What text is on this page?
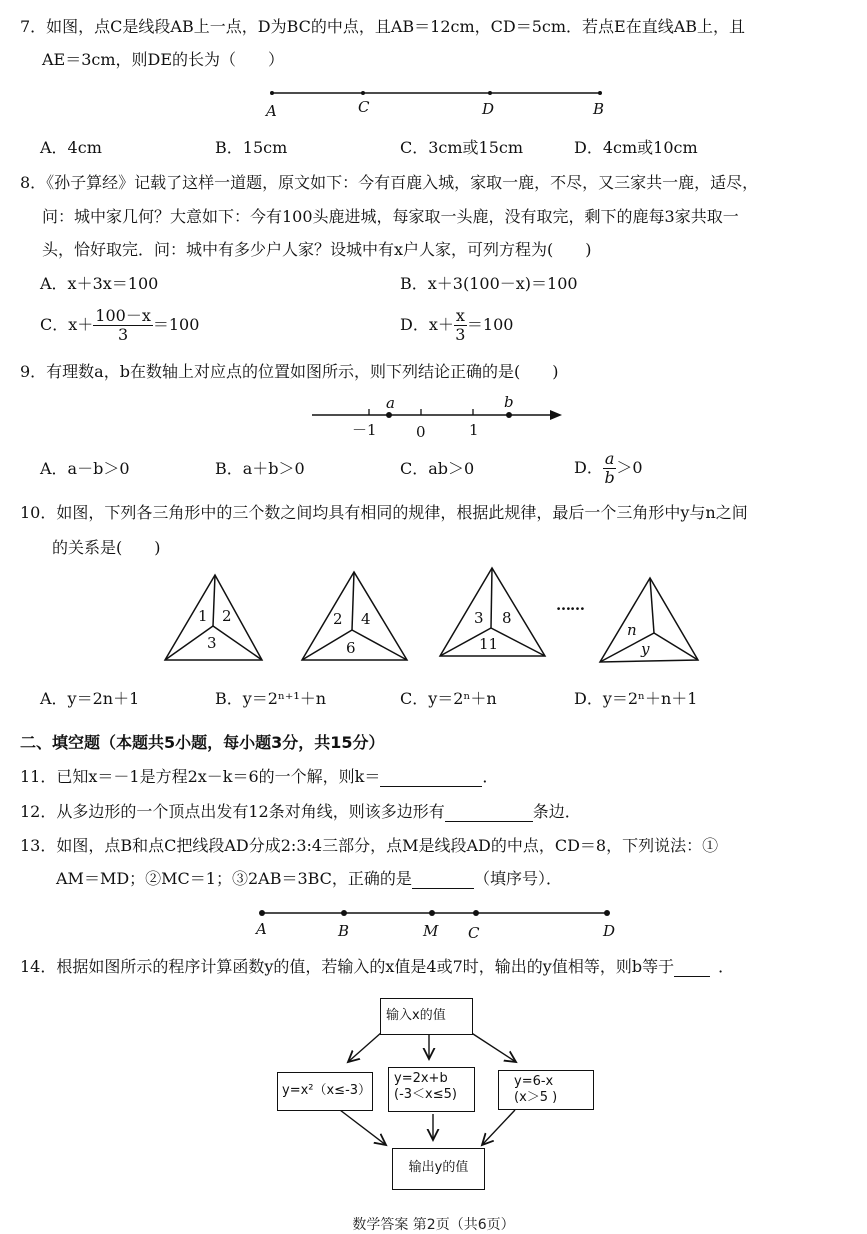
7．如图，点C是线段AB上一点，D为BC的中点，且AB＝12cm，CD＝5cm．若点E在直线AB上，且
AE＝3cm，则DE的长为（　　）
A	C	D	B
A．4cm	B．15cm	C．3cm或15cm	D．4cm或10cm
8．《孙子算经》记载了这样一道题，原文如下：今有百鹿入城，家取一鹿，不尽，又三家共一鹿，适尽，
问：城中家几何？大意如下：今有100头鹿进城，每家取一头鹿，没有取完，剩下的鹿每3家共取一
头，恰好取完．问：城中有多少户人家？设城中有x户人家，可列方程为(　　)
A．x＋3x＝100	B．x＋3(100－x)＝100
C．$x+ \frac{100-x}{3} =100$	D．$x+ \frac{x}{3} =100$
9．有理数a，b在数轴上对应点的位置如图所示，则下列结论正确的是(　　)
a	b
－1	0	1
A．a－b＞0	B．a＋b＞0	C．ab＞0	D． $\frac{a}{b} >0$
10．如图，下列各三角形中的三个数之间均具有相同的规律，根据此规律，最后一个三角形中y与n之间
的关系是(　　)
1 2
3
2 4
6
3 8
11
……
n
y
A．y＝2n＋1	B．y＝2ⁿ⁺¹＋n	C．y＝2ⁿ＋n	D．y＝2ⁿ＋n＋1
二、填空题（本题共5小题，每小题3分，共15分）
11．已知x＝－1是方程2x－k＝6的一个解，则k＝	．
12．从多边形的一个顶点出发有12条对角线，则该多边形有	条边．
13．如图，点B和点C把线段AD分成2:3:4三部分，点M是线段AD的中点，CD＝8，下列说法：①
AM＝MD；②MC＝1；③2AB＝3BC，正确的是	（填序号）．
A	B	M C	D
14．根据如图所示的程序计算函数y的值，若输入的x值是4或7时，输出的y值相等，则b等于	．
输入x的值
y=x²（x≤-3）
y=2x+b
(-3＜x≤5)
y=6-x
(x＞5 )
输出y的值
数学答案 第2页（共6页）
